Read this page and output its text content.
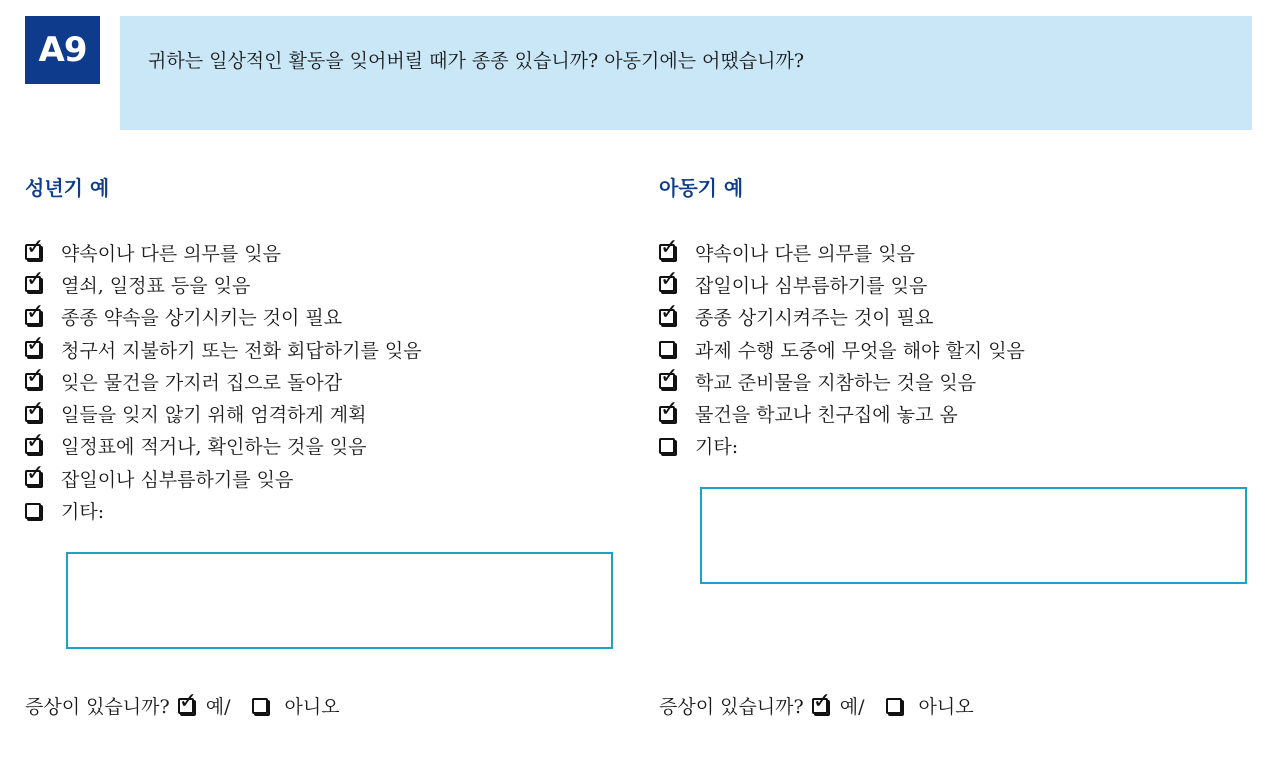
A9	귀하는 일상적인 활동을 잊어버릴 때가 종종 있습니까? 아동기에는 어땠습니까?
성년기 예
✓ 약속이나 다른 의무를 잊음
✓ 열쇠, 일정표 등을 잊음
✓ 종종 약속을 상기시키는 것이 필요
✓ 청구서 지불하기 또는 전화 회답하기를 잊음
✓ 잊은 물건을 가지러 집으로 돌아감
✓ 일들을 잊지 않기 위해 엄격하게 계획
✓ 일정표에 적거나, 확인하는 것을 잊음
✓ 잡일이나 심부름하기를 잊음
기타:
증상이 있습니까? ✓ 예/	아니오
아동기 예
✓ 약속이나 다른 의무를 잊음
✓ 잡일이나 심부름하기를 잊음
✓ 종종 상기시켜주는 것이 필요
과제 수행 도중에 무엇을 해야 할지 잊음
✓ 학교 준비물을 지참하는 것을 잊음
✓ 물건을 학교나 친구집에 놓고 옴
기타:
증상이 있습니까? ✓ 예/	아니오
